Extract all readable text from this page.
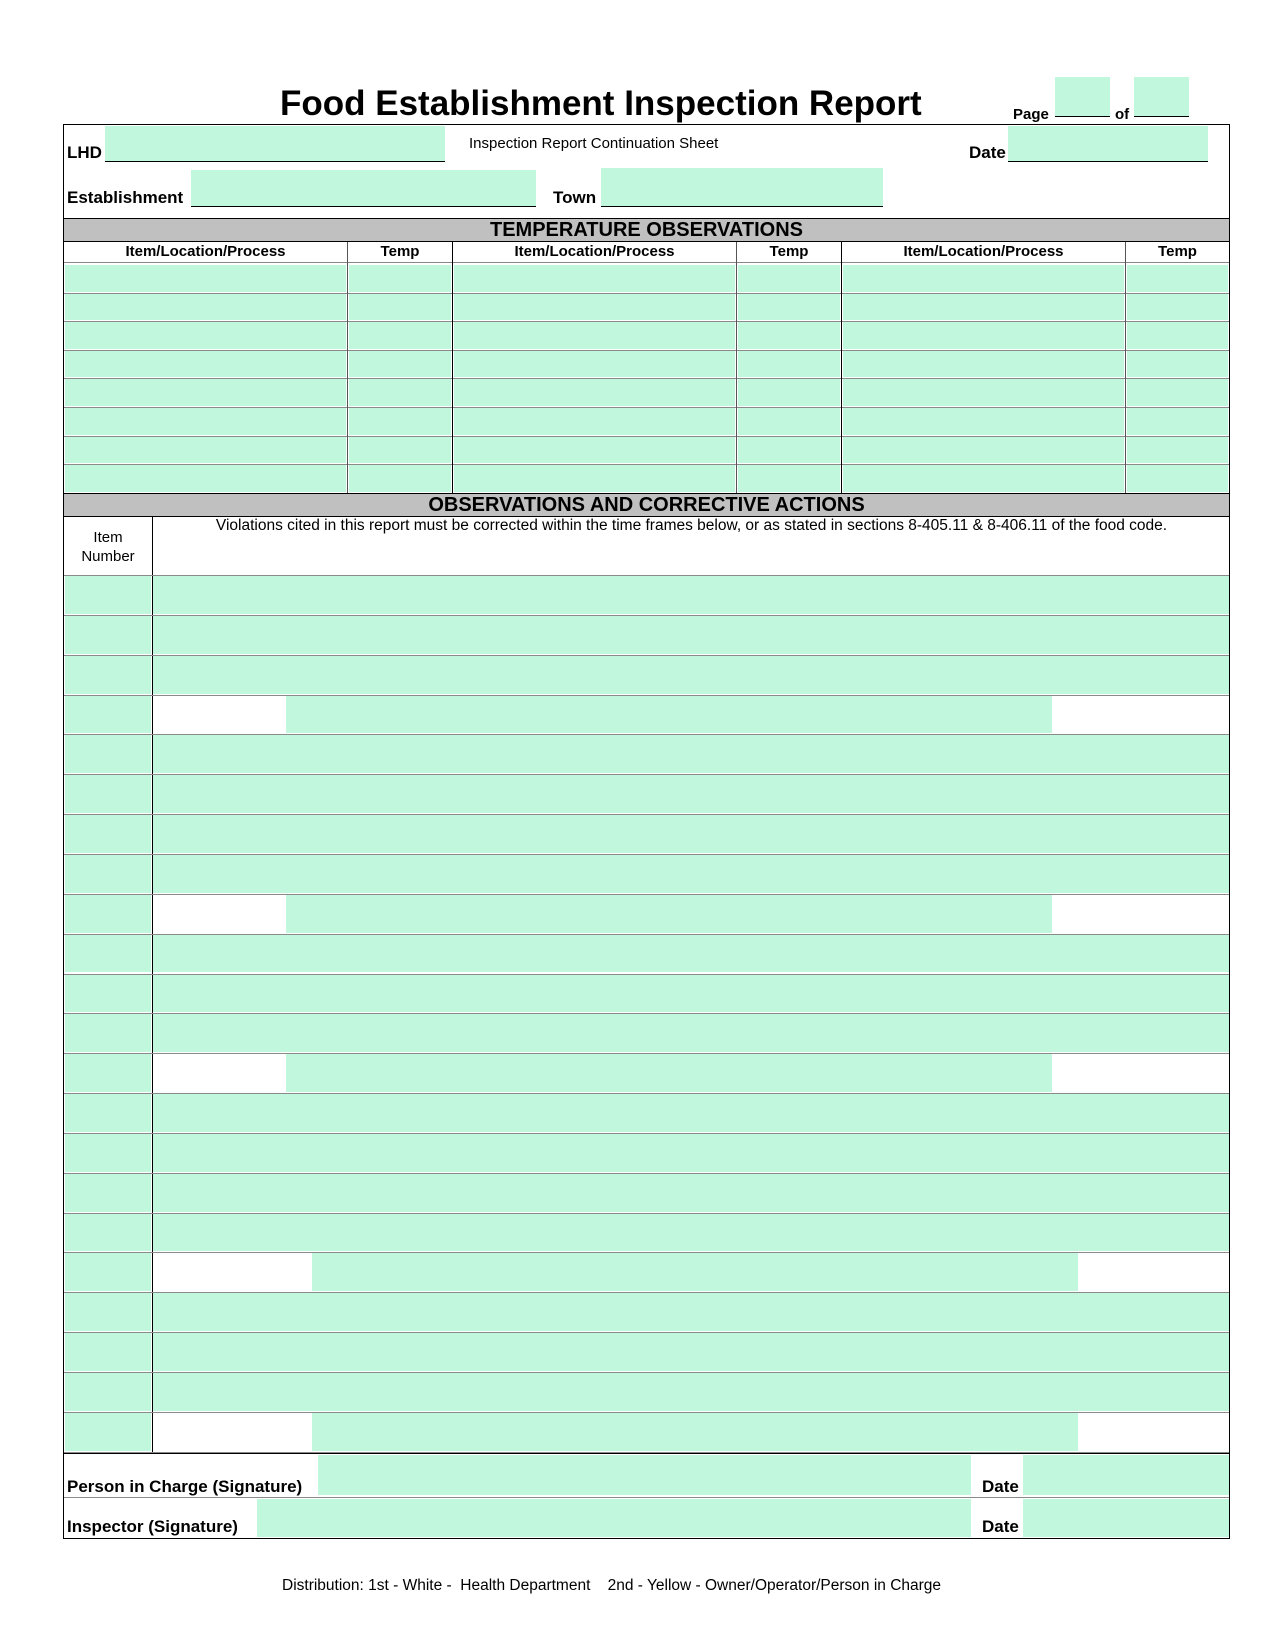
Food Establishment Inspection Report	Page	of
LHD	Inspection Report Continuation Sheet	Date
Establishment	Town
TEMPERATURE OBSERVATIONS
Item/Location/Process	Temp	Item/Location/Process	Temp	Item/Location/Process	Temp
OBSERVATIONS AND CORRECTIVE ACTIONS
Item
Number
Violations cited in this report must be corrected within the time frames below, or as stated in sections 8-405.11 & 8-406.11 of the food code.
Person in Charge (Signature)	Date
Inspector (Signature)	Date
Distribution: 1st - White -  Health Department    2nd - Yellow - Owner/Operator/Person in Charge
